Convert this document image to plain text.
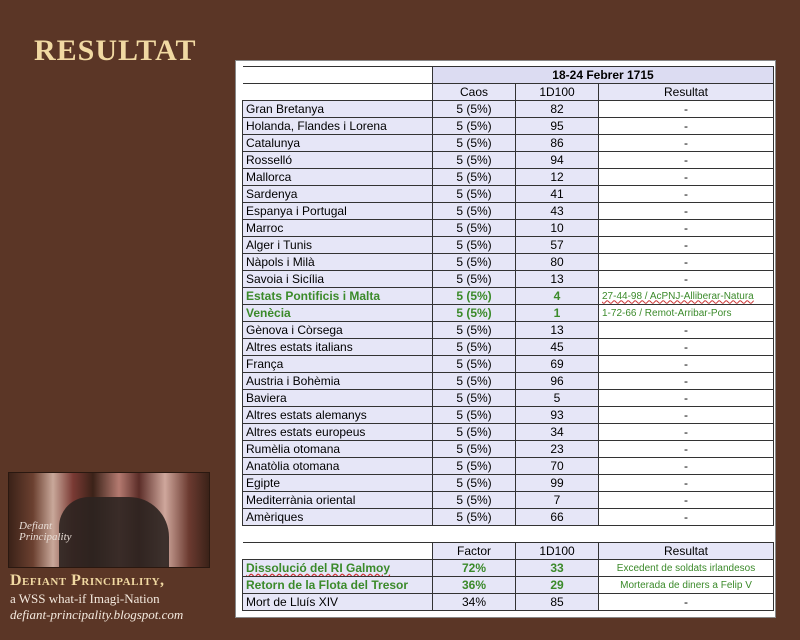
RESULTAT
	18-24 Febrer 1715		
	Caos	1D100	Resultat
Gran Bretanya	5 (5%)	82	-
Holanda, Flandes i Lorena	5 (5%)	95	-
Catalunya	5 (5%)	86	-
Rosselló	5 (5%)	94	-
Mallorca	5 (5%)	12	-
Sardenya	5 (5%)	41	-
Espanya i Portugal	5 (5%)	43	-
Marroc	5 (5%)	10	-
Alger i Tunis	5 (5%)	57	-
Nàpols i Milà	5 (5%)	80	-
Savoia i Sicília	5 (5%)	13	-
Estats Pontificis i Malta	5 (5%)	4	27-44-98 / AcPNJ-Alliberar-Natura
Venècia	5 (5%)	1	1-72-66 / Remot-Arribar-Pors
Gènova i Còrsega	5 (5%)	13	-
Altres estats italians	5 (5%)	45	-
França	5 (5%)	69	-
Austria i Bohèmia	5 (5%)	96	-
Baviera	5 (5%)	5	-
Altres estats alemanys	5 (5%)	93	-
Altres estats europeus	5 (5%)	34	-
Rumèlia otomana	5 (5%)	23	-
Anatòlia otomana	5 (5%)	70	-
Egipte	5 (5%)	99	-
Mediterrània oriental	5 (5%)	7	-
Amèriques	5 (5%)	66	-

	Factor	1D100	Resultat
Dissolució del RI Galmoy	72%	33	Excedent de soldats irlandesos
Retorn de la Flota del Tresor	36%	29	Morterada de diners a Felip V
Mort de Lluís XIV	34%	85	-
Defiant
Principality
Defiant Principality,
a WSS what-if Imagi-Nation
defiant-principality.blogspot.com
